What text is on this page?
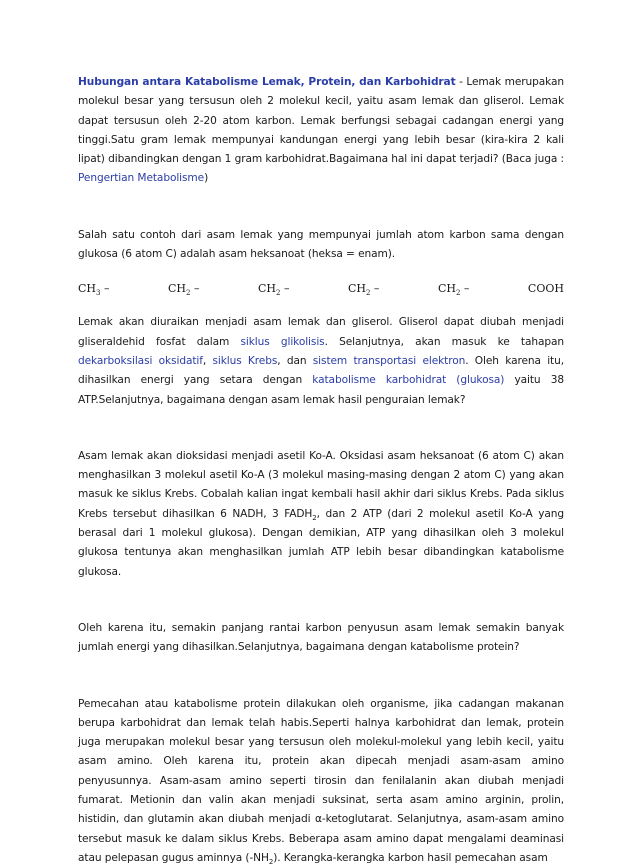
Hubungan antara Katabolisme Lemak, Protein, dan Karbohidrat - Lemak merupakan molekul besar yang tersusun oleh 2 molekul kecil, yaitu asam lemak dan gliserol. Lemak dapat tersusun oleh 2-20 atom karbon. Lemak berfungsi sebagai cadangan energi yang tinggi.Satu gram lemak mempunyai kandungan energi yang lebih besar (kira-kira 2 kali lipat) dibandingkan dengan 1 gram karbohidrat.Bagaimana hal ini dapat terjadi? (Baca juga : Pengertian Metabolisme)

Salah satu contoh dari asam lemak yang mempunyai jumlah atom karbon sama dengan glukosa (6 atom C) adalah asam heksanoat (heksa = enam).

$CH_3$ –	$CH_2$ –	$CH_2$ –	$CH_2$ –	$CH_2$ –	COOH

Lemak akan diuraikan menjadi asam lemak dan gliserol. Gliserol dapat diubah menjadi gliseraldehid fosfat dalam siklus glikolisis. Selanjutnya, akan masuk ke tahapan dekarboksilasi oksidatif, siklus Krebs, dan sistem transportasi elektron. Oleh karena itu, dihasilkan energi yang setara dengan katabolisme karbohidrat (glukosa) yaitu 38 ATP.Selanjutnya, bagaimana dengan asam lemak hasil penguraian lemak?

Asam lemak akan dioksidasi menjadi asetil Ko-A. Oksidasi asam heksanoat (6 atom C) akan menghasilkan 3 molekul asetil Ko-A (3 molekul masing-masing dengan 2 atom C) yang akan masuk ke siklus Krebs. Cobalah kalian ingat kembali hasil akhir dari siklus Krebs. Pada siklus Krebs tersebut dihasilkan 6 NADH, 3 $FADH_2$, dan 2 ATP (dari 2 molekul asetil Ko-A yang berasal dari 1 molekul glukosa). Dengan demikian, ATP yang dihasilkan oleh 3 molekul glukosa tentunya akan menghasilkan jumlah ATP lebih besar dibandingkan katabolisme glukosa.

Oleh karena itu, semakin panjang rantai karbon penyusun asam lemak semakin banyak jumlah energi yang dihasilkan.Selanjutnya, bagaimana dengan katabolisme protein?

Pemecahan atau katabolisme protein dilakukan oleh organisme, jika cadangan makanan berupa karbohidrat dan lemak telah habis.Seperti halnya karbohidrat dan lemak, protein juga merupakan molekul besar yang tersusun oleh molekul-molekul yang lebih kecil, yaitu asam amino. Oleh karena itu, protein akan dipecah menjadi asam-asam amino penyusunnya. Asam-asam amino seperti tirosin dan fenilalanin akan diubah menjadi fumarat. Metionin dan valin akan menjadi suksinat, serta asam amino arginin, prolin, histidin, dan glutamin akan diubah menjadi α-ketoglutarat. Selanjutnya, asam-asam amino tersebut masuk ke dalam siklus Krebs. Beberapa asam amino dapat mengalami deaminasi atau pelepasan gugus aminnya $(-NH_2)$. Kerangka-kerangka karbon hasil pemecahan asam
